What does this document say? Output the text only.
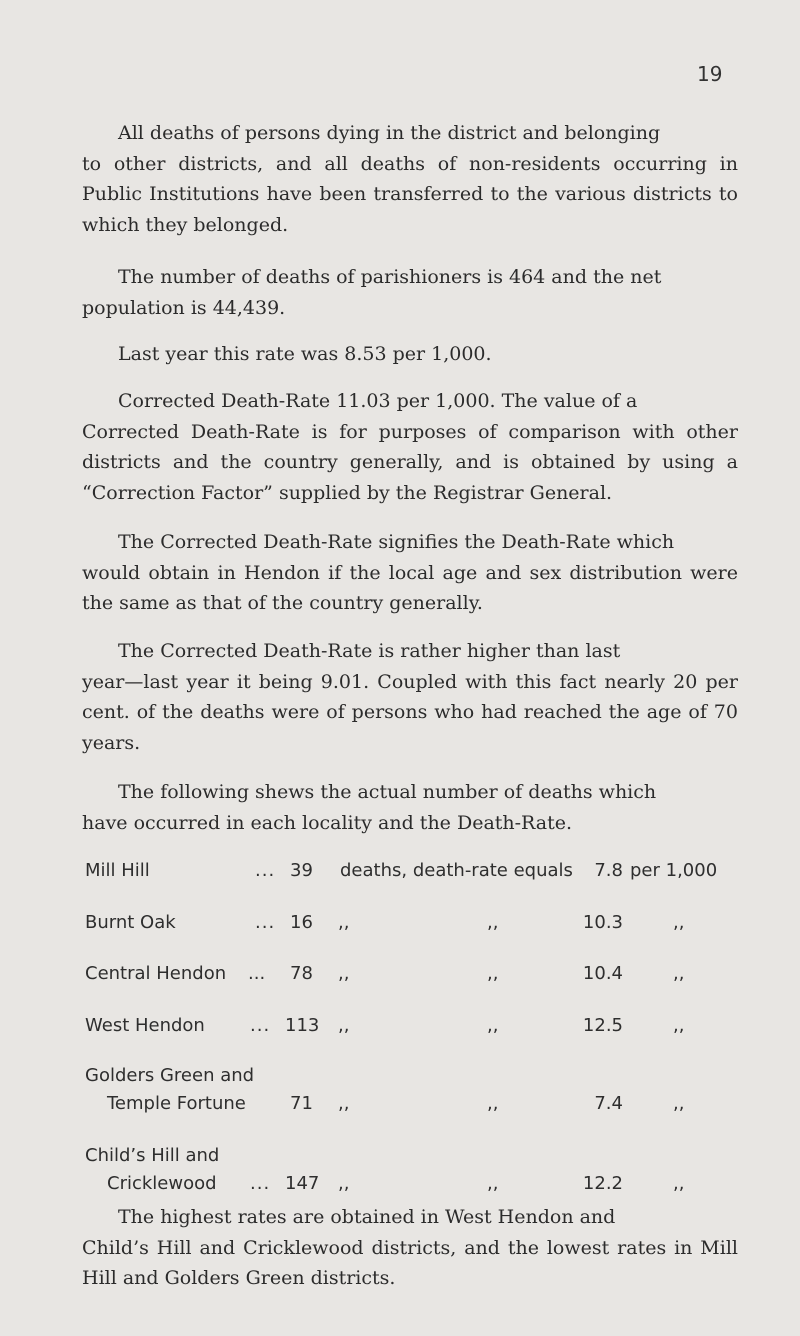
19
All deaths of persons dying in the district and belonging
to other districts, and all deaths of non-residents occurring in Public Institutions have been transferred to the various districts to which they belonged.
The number of deaths of parishioners is 464 and the net
population is 44,439.
Last year this rate was 8.53 per 1,000.
Corrected Death-Rate 11.03 per 1,000. The value of a
Corrected Death-Rate is for purposes of comparison with other districts and the country generally, and is obtained by using a “Correction Factor” supplied by the Registrar General.
The Corrected Death-Rate signifies the Death-Rate which
would obtain in Hendon if the local age and sex distribution were the same as that of the country generally.
The Corrected Death-Rate is rather higher than last
year—last year it being 9.01. Coupled with this fact nearly 20 per cent. of the deaths were of persons who had reached the age of 70 years.
The following shews the actual number of deaths which
have occurred in each locality and the Death-Rate.
Mill Hill	... 39	deaths, death-rate equals	7.8 per 1,000
Burnt Oak	... 16	,,	,,	10.3	,,
Central Hendon ... 78	,,	,,	10.4	,,
West Hendon	... 113	,,	,,	12.5	,,
Golders Green and
Temple Fortune 71	,,	,,	7.4	,,
Child’s Hill and
Cricklewood ... 147	,,	,,	12.2	,,
The highest rates are obtained in West Hendon and
Child’s Hill and Cricklewood districts, and the lowest rates in Mill Hill and Golders Green districts.
